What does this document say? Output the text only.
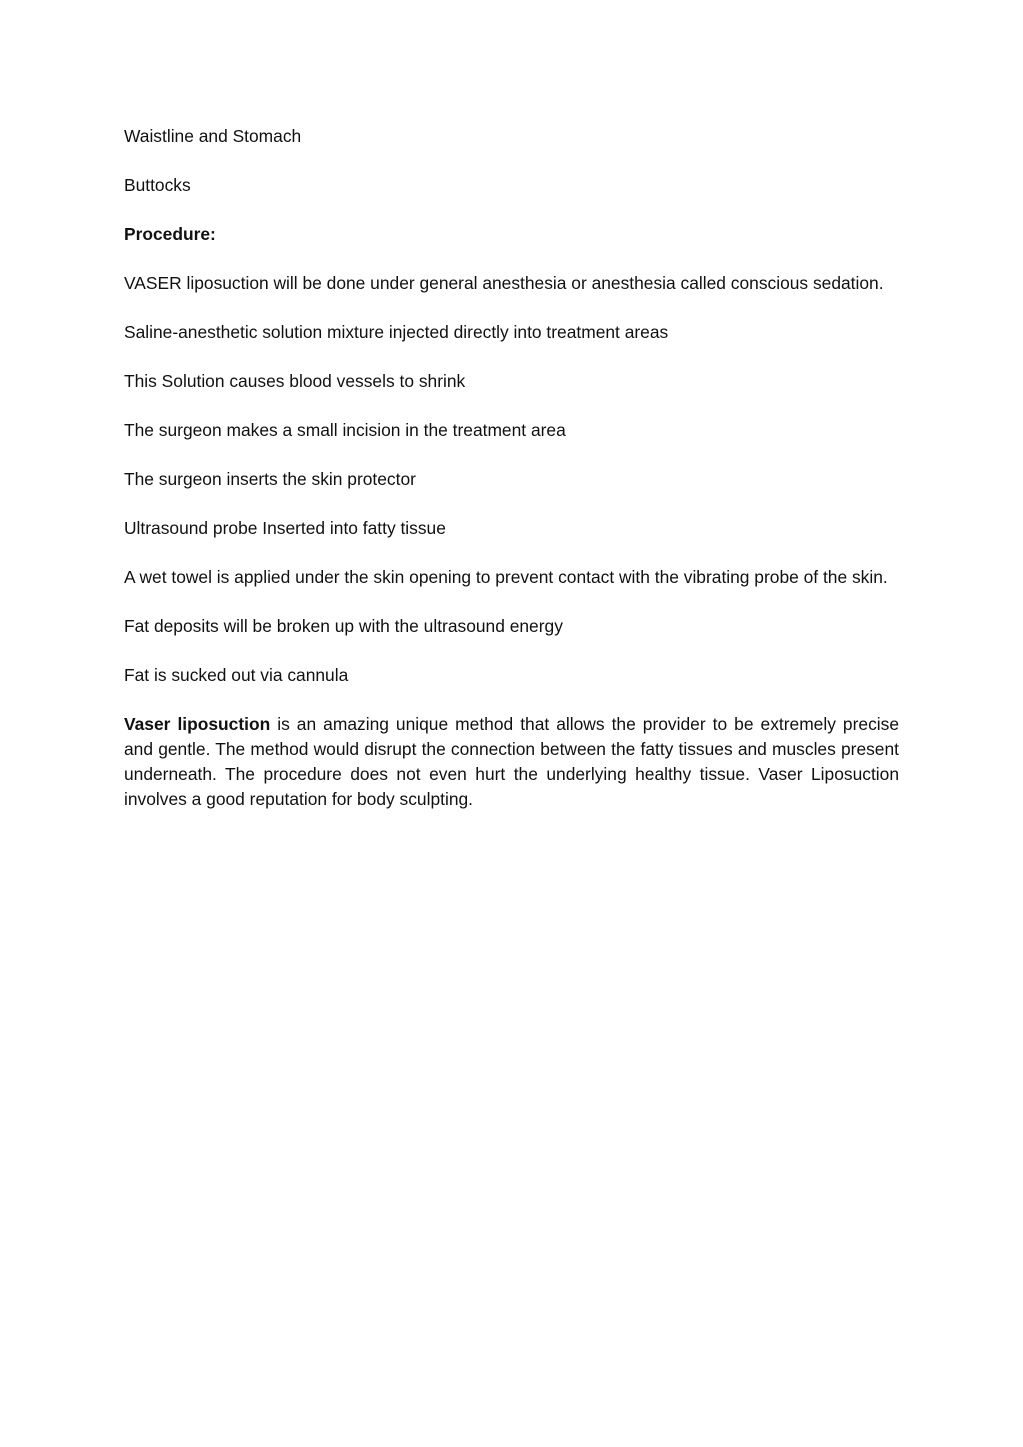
Waistline and Stomach

Buttocks

Procedure:

VASER liposuction will be done under general anesthesia or anesthesia called conscious sedation.

Saline-anesthetic solution mixture injected directly into treatment areas

This Solution causes blood vessels to shrink

The surgeon makes a small incision in the treatment area

The surgeon inserts the skin protector

Ultrasound probe Inserted into fatty tissue

A wet towel is applied under the skin opening to prevent contact with the vibrating probe of the skin.

Fat deposits will be broken up with the ultrasound energy

Fat is sucked out via cannula

Vaser liposuction is an amazing unique method that allows the provider to be extremely precise and gentle. The method would disrupt the connection between the fatty tissues and muscles present underneath. The procedure does not even hurt the underlying healthy tissue. Vaser Liposuction involves a good reputation for body sculpting.
